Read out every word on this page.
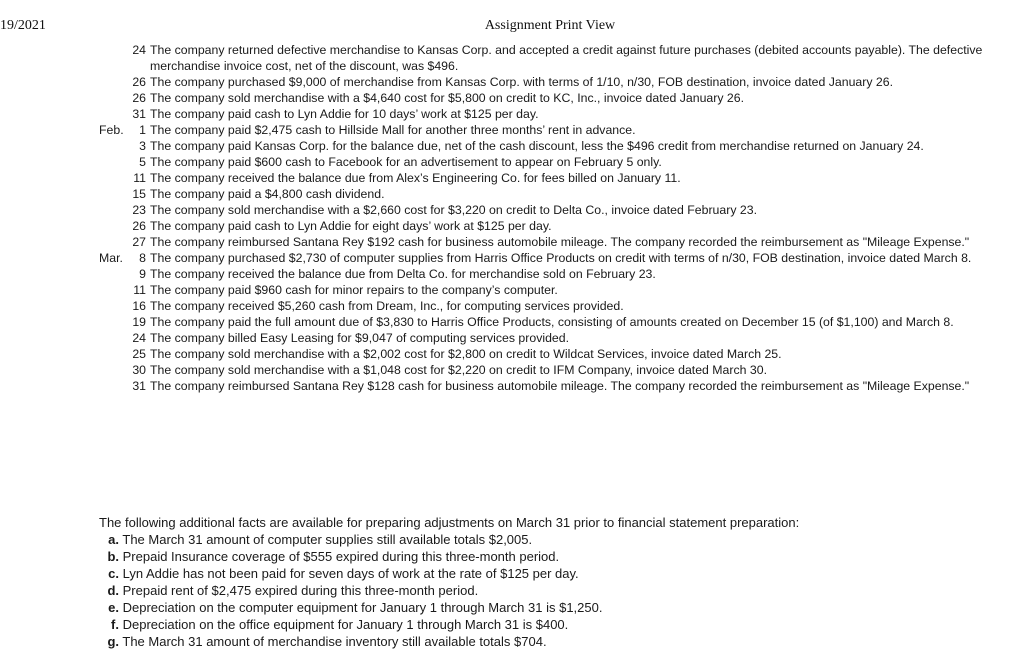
19/2021	Assignment Print View
24 The company returned defective merchandise to Kansas Corp. and accepted a credit against future purchases (debited accounts payable). The defective merchandise invoice cost, net of the discount, was $496.
26 The company purchased $9,000 of merchandise from Kansas Corp. with terms of 1/10, n/30, FOB destination, invoice dated January 26.
26 The company sold merchandise with a $4,640 cost for $5,800 on credit to KC, Inc., invoice dated January 26.
31 The company paid cash to Lyn Addie for 10 days’ work at $125 per day.
Feb.	1 The company paid $2,475 cash to Hillside Mall for another three months’ rent in advance.
3 The company paid Kansas Corp. for the balance due, net of the cash discount, less the $496 credit from merchandise returned on January 24.
5 The company paid $600 cash to Facebook for an advertisement to appear on February 5 only.
11 The company received the balance due from Alex’s Engineering Co. for fees billed on January 11.
15 The company paid a $4,800 cash dividend.
23 The company sold merchandise with a $2,660 cost for $3,220 on credit to Delta Co., invoice dated February 23.
26 The company paid cash to Lyn Addie for eight days’ work at $125 per day.
27 The company reimbursed Santana Rey $192 cash for business automobile mileage. The company recorded the reimbursement as "Mileage Expense."
Mar.	8 The company purchased $2,730 of computer supplies from Harris Office Products on credit with terms of n/30, FOB destination, invoice dated March 8.
9 The company received the balance due from Delta Co. for merchandise sold on February 23.
11 The company paid $960 cash for minor repairs to the company’s computer.
16 The company received $5,260 cash from Dream, Inc., for computing services provided.
19 The company paid the full amount due of $3,830 to Harris Office Products, consisting of amounts created on December 15 (of $1,100) and March 8.
24 The company billed Easy Leasing for $9,047 of computing services provided.
25 The company sold merchandise with a $2,002 cost for $2,800 on credit to Wildcat Services, invoice dated March 25.
30 The company sold merchandise with a $1,048 cost for $2,220 on credit to IFM Company, invoice dated March 30.
31 The company reimbursed Santana Rey $128 cash for business automobile mileage. The company recorded the reimbursement as "Mileage Expense."
The following additional facts are available for preparing adjustments on March 31 prior to financial statement preparation:
a. The March 31 amount of computer supplies still available totals $2,005.
b. Prepaid Insurance coverage of $555 expired during this three-month period.
c. Lyn Addie has not been paid for seven days of work at the rate of $125 per day.
d. Prepaid rent of $2,475 expired during this three-month period.
e. Depreciation on the computer equipment for January 1 through March 31 is $1,250.
f. Depreciation on the office equipment for January 1 through March 31 is $400.
g. The March 31 amount of merchandise inventory still available totals $704.
